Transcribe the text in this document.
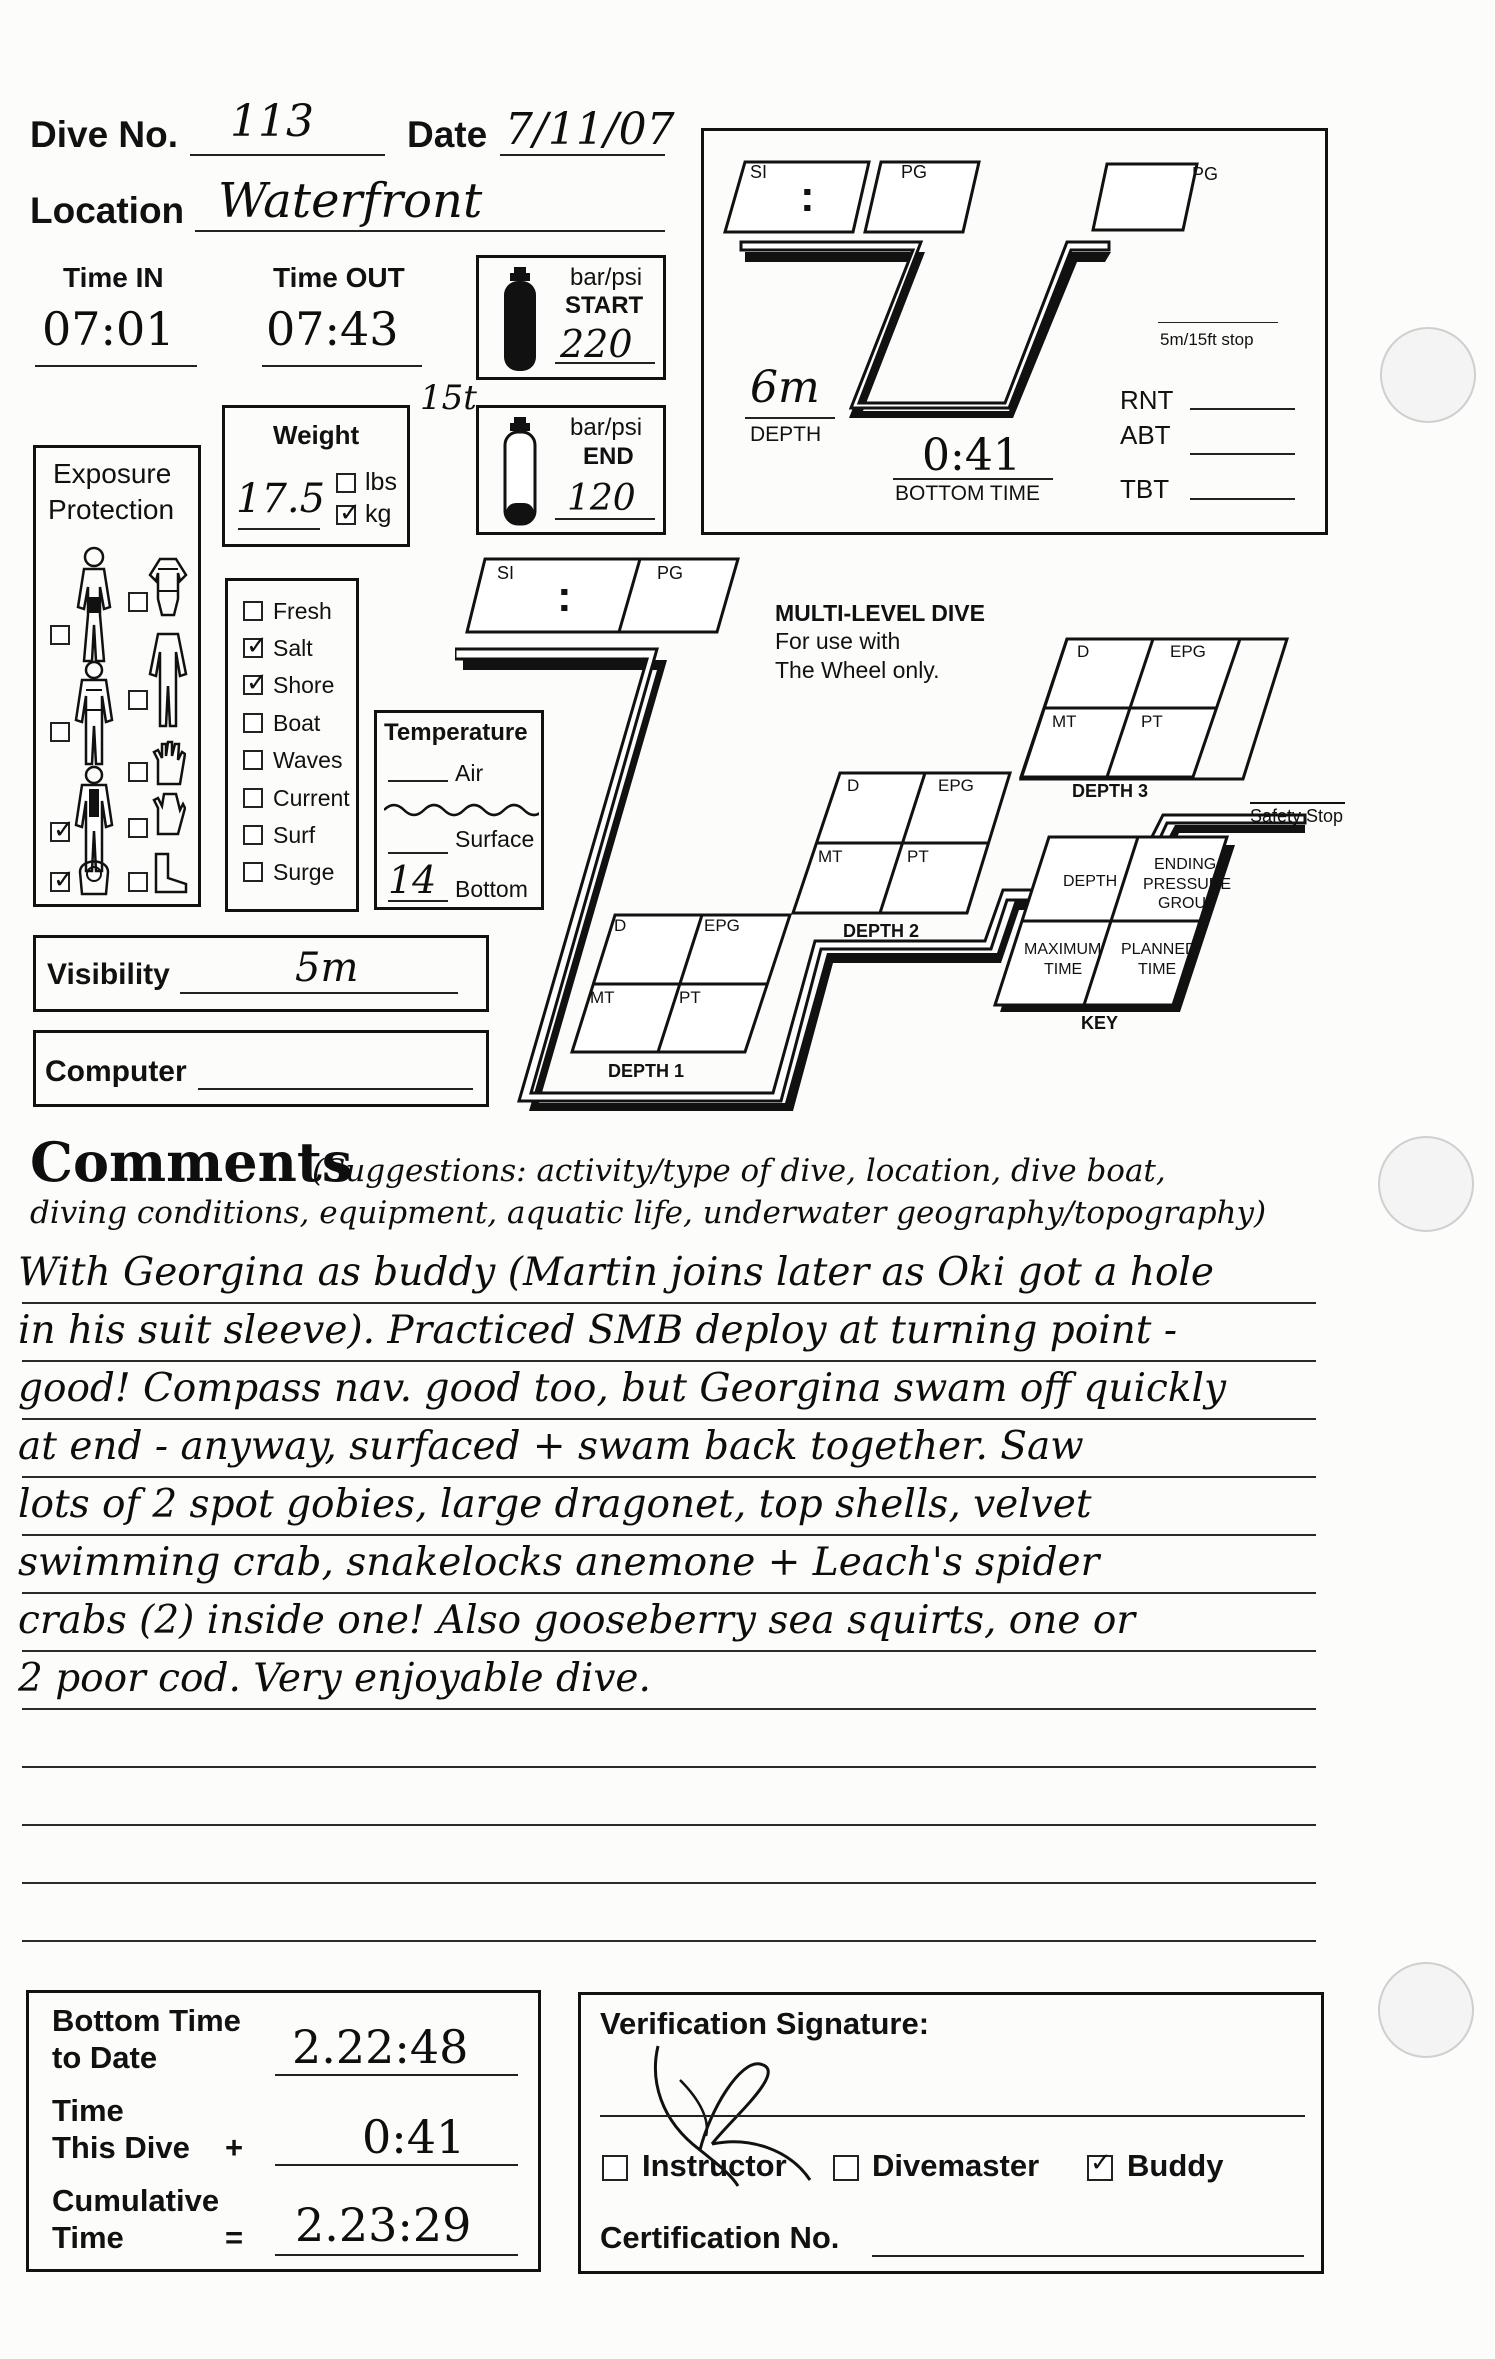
Dive No. 113	Date 7/11/07
Location Waterfront
Time IN
07:01
Time OUT
07:43
bar/psi
START
220
15t
bar/psi
END
120
Weight
17.5 lbs
✓
kg
Exposure
Protection
✓
✓
Fresh
✓
Salt
✓
Shore
Boat
Waves
Current
Surf
Surge
Temperature
Air
Surface
14 Bottom
Visibility	5m
Computer
SI :	PG	PG
5m/15ft stop
6m
DEPTH 0:41
BOTTOM TIME
RNT
ABT
TBT
SI :	PG
MULTI-LEVEL DIVE
For use with
The Wheel only.
D	EPG
MT	PT
DEPTH 1
D	EPG
MT	PT
DEPTH 2
D	EPG
MT	PT
DEPTH 3
Safety Stop
DEPTH
ENDING
PRESSURE
GROUP
MAXIMUM
TIME
PLANNED
TIME
KEY
Comments
(Suggestions: activity/type of dive, location, dive boat,
diving conditions, equipment, aquatic life, underwater geography/topography)
With Georgina as buddy (Martin joins later as Oki got a hole
in his suit sleeve). Practiced SMB deploy at turning point -
good! Compass nav. good too, but Georgina swam off quickly
at end - anyway, surfaced + swam back together. Saw
lots of 2 spot gobies, large dragonet, top shells, velvet
swimming crab, snakelocks anemone + Leach's spider
crabs (2) inside one! Also gooseberry sea squirts, one or
2 poor cod. Very enjoyable dive.
Bottom Time
to Date	2.22:48
Time
This Dive +	0:41
Cumulative
Time	= 2.23:29
Verification Signature:
Instructor	Divemaster
✓	Buddy
Certification No.
